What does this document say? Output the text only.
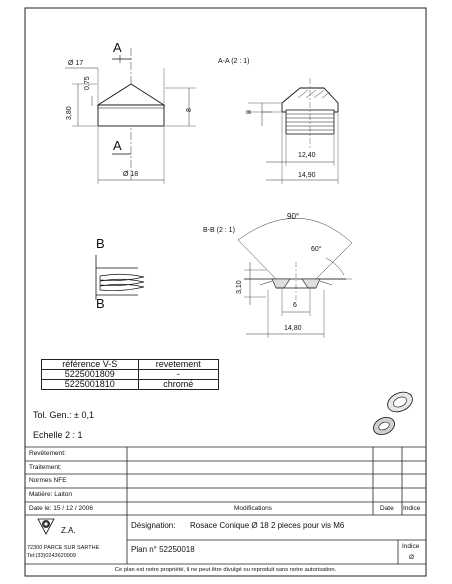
A
A
Ø 17
0,75
3,80	8
Ø 18
A-A (2 : 1)
8
12,40
14,90
B
B
B-B (2 : 1)
90°
60°
3,10
6
14,80
référence V-S	revetement
5225001809	-
5225001810	chromé
Tol. Gen.: ± 0,1
Echelle 2 : 1
Revêtement:
Traitement:
Normes NFE
Matière: Laiton
Date le: 15 / 12 / 2006	Modifications	Date Indice
Z.A.
72300 PARCE SUR SARTHE
Tel:(33)0243620909
Désignation: Rosace Conique Ø 18 2 pieces pour vis M6
Plan n° 52250018	Indice
Ø
Ce plan est notre propriété, il ne peut être divulgé ou reproduit sans notre autorisation.
